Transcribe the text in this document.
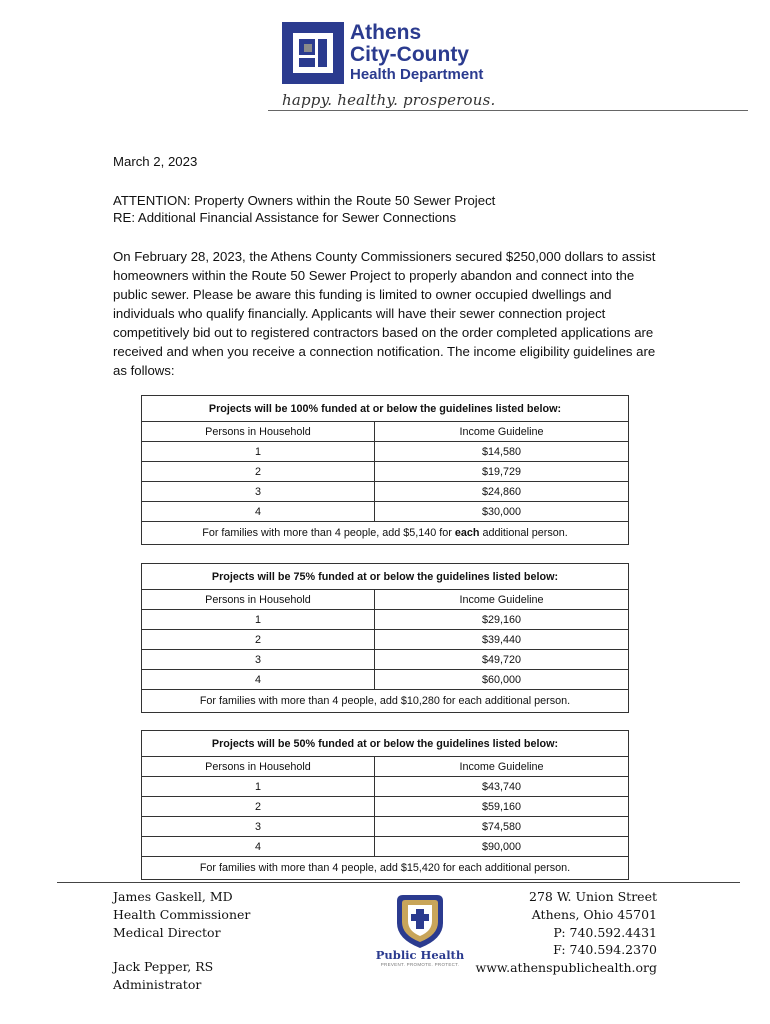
Athens
City-County
Health Department
happy. healthy. prosperous.
March 2, 2023
ATTENTION: Property Owners within the Route 50 Sewer Project
RE: Additional Financial Assistance for Sewer Connections
On February 28, 2023, the Athens County Commissioners secured $250,000 dollars to assist homeowners within the Route 50 Sewer Project to properly abandon and connect into the public sewer. Please be aware this funding is limited to owner occupied dwellings and individuals who qualify financially. Applicants will have their sewer connection project competitively bid out to registered contractors based on the order completed applications are received and when you receive a connection notification. The income eligibility guidelines are as follows:
Projects will be 100% funded at or below the guidelines listed below:	
Persons in Household	Income Guideline
1	$14,580
2	$19,729
3	$24,860
4	$30,000
For families with more than 4 people, add $5,140 for each additional person.	
Projects will be 75% funded at or below the guidelines listed below:	
Persons in Household	Income Guideline
1	$29,160
2	$39,440
3	$49,720
4	$60,000
For families with more than 4 people, add $10,280 for each additional person.	
Projects will be 50% funded at or below the guidelines listed below:	
Persons in Household	Income Guideline
1	$43,740
2	$59,160
3	$74,580
4	$90,000
For families with more than 4 people, add $15,420 for each additional person.	
James Gaskell, MD
Health Commissioner
Medical Director
Jack Pepper, RS
Administrator
Public Health
PREVENT. PROMOTE. PROTECT.
278 W. Union Street
Athens, Ohio 45701
P: 740.592.4431
F: 740.594.2370
www.athenspublichealth.org
